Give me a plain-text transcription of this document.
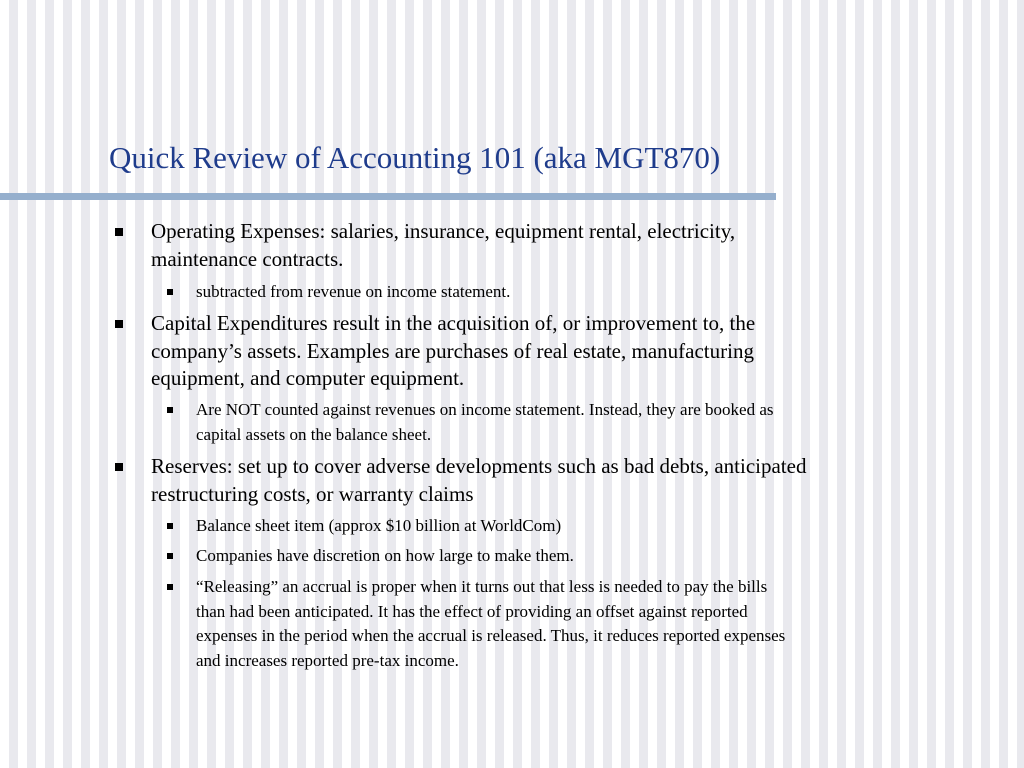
Quick Review of Accounting 101 (aka MGT870)
Operating Expenses: salaries, insurance, equipment rental, electricity,
maintenance contracts.
subtracted from revenue on income statement.
Capital Expenditures result in the acquisition of, or improvement to, the
company’s assets. Examples are purchases of real estate, manufacturing
equipment, and computer equipment.
Are NOT counted against revenues on income statement. Instead, they are booked as
capital assets on the balance sheet.
Reserves: set up to cover adverse developments such as bad debts, anticipated
restructuring costs, or warranty claims
Balance sheet item (approx $10 billion at WorldCom)
Companies have discretion on how large to make them.
“Releasing” an accrual is proper when it turns out that less is needed to pay the bills
than had been anticipated. It has the effect of providing an offset against reported
expenses in the period when the accrual is released. Thus, it reduces reported expenses
and increases reported pre-tax income.
